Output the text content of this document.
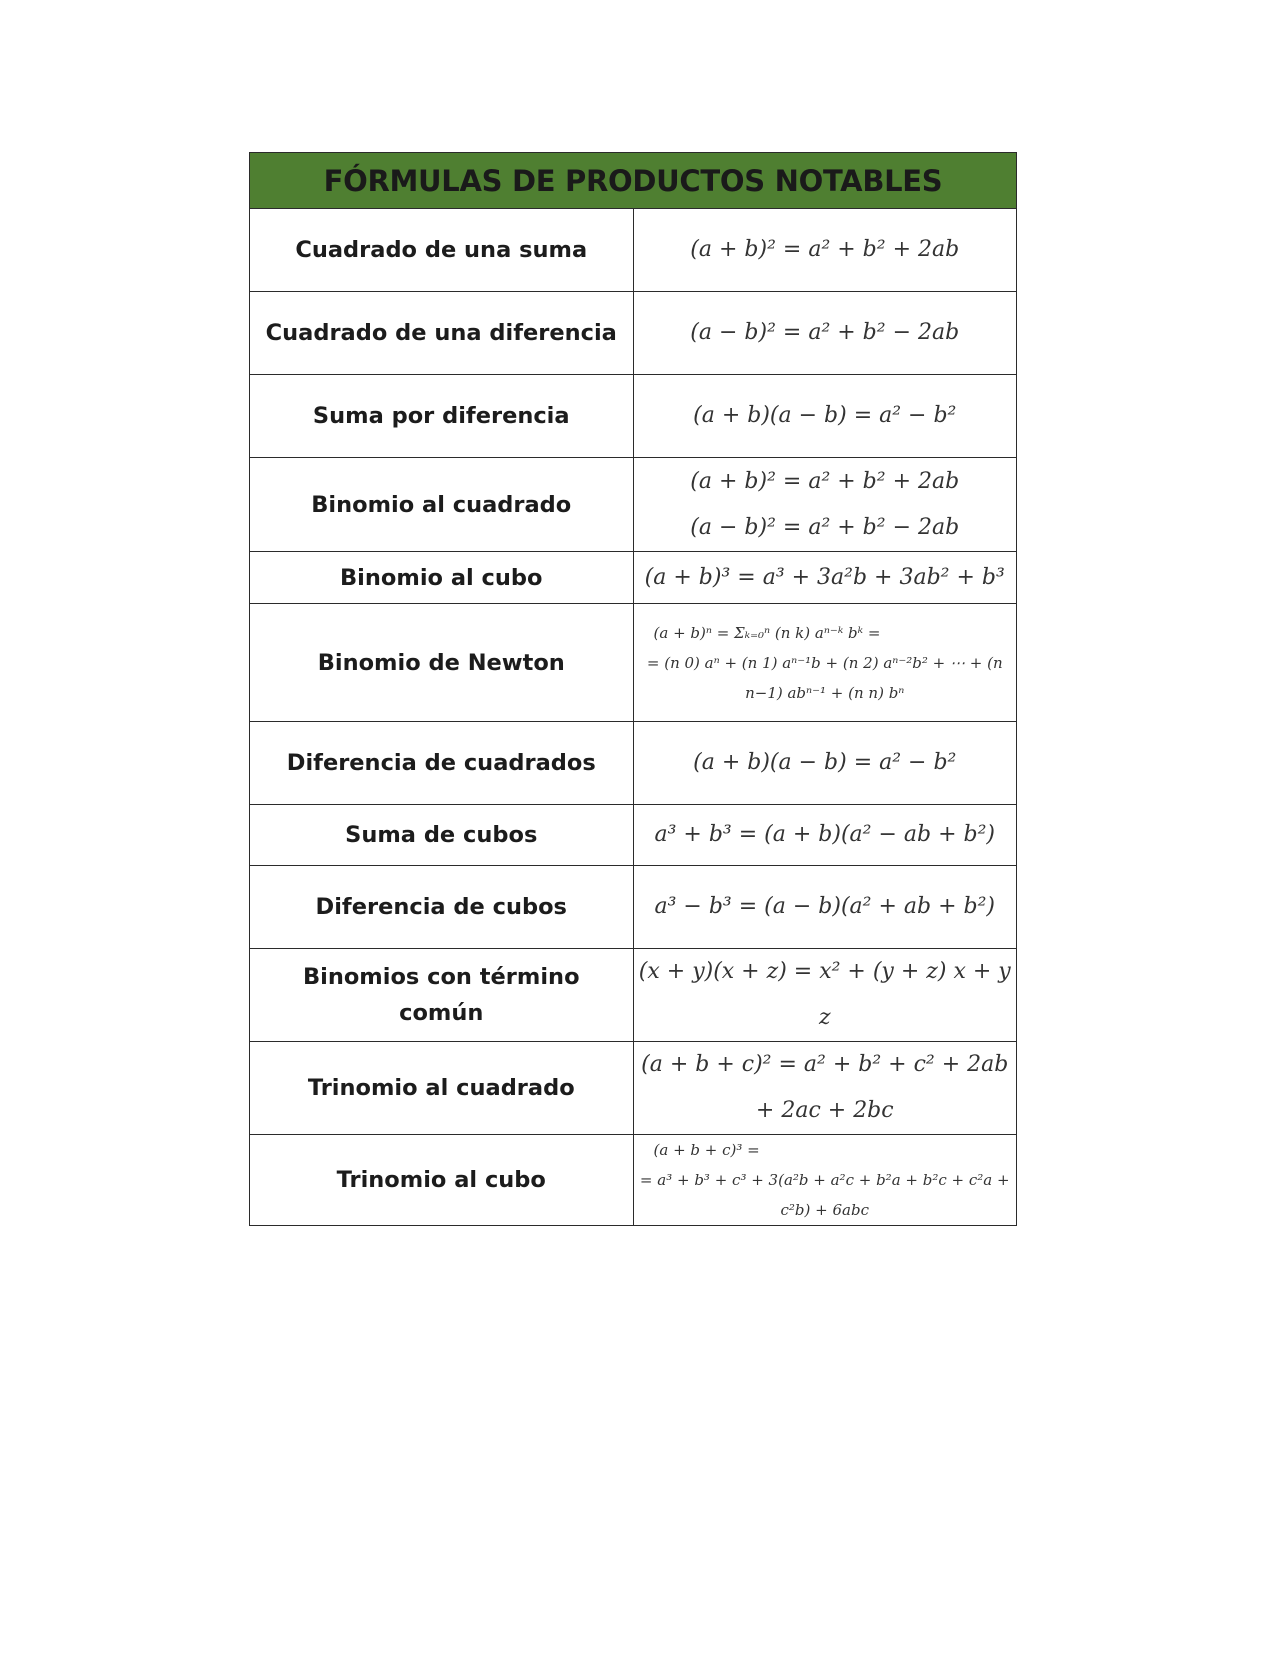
FÓRMULAS DE PRODUCTOS NOTABLES	
Cuadrado de una suma	(a + b)² = a² + b² + 2ab

Cuadrado de una diferencia	(a − b)² = a² + b² − 2ab

Suma por diferencia	(a + b)(a − b) = a² − b²

Binomio al cuadrado	(a + b)² = a² + b² + 2ab
(a − b)² = a² + b² − 2ab

Binomio al cubo	(a + b)³ = a³ + 3a²b + 3ab² + b³

Binomio de Newton	(a + b)ⁿ = Σₖ₌₀ⁿ (n k) aⁿ⁻ᵏ bᵏ =
= (n 0) aⁿ + (n 1) aⁿ⁻¹b + (n 2) aⁿ⁻²b² + ⋯ + (n n−1) abⁿ⁻¹ + (n n) bⁿ

Diferencia de cuadrados	(a + b)(a − b) = a² − b²

Suma de cubos	a³ + b³ = (a + b)(a² − ab + b²)

Diferencia de cubos	a³ − b³ = (a − b)(a² + ab + b²)

Binomios con término común	(x + y)(x + z) = x² + (y + z) x + y z

Trinomio al cuadrado	(a + b + c)² = a² + b² + c² + 2ab + 2ac + 2bc

Trinomio al cubo	(a + b + c)³ =
= a³ + b³ + c³ + 3(a²b + a²c + b²a + b²c + c²a + c²b) + 6abc
